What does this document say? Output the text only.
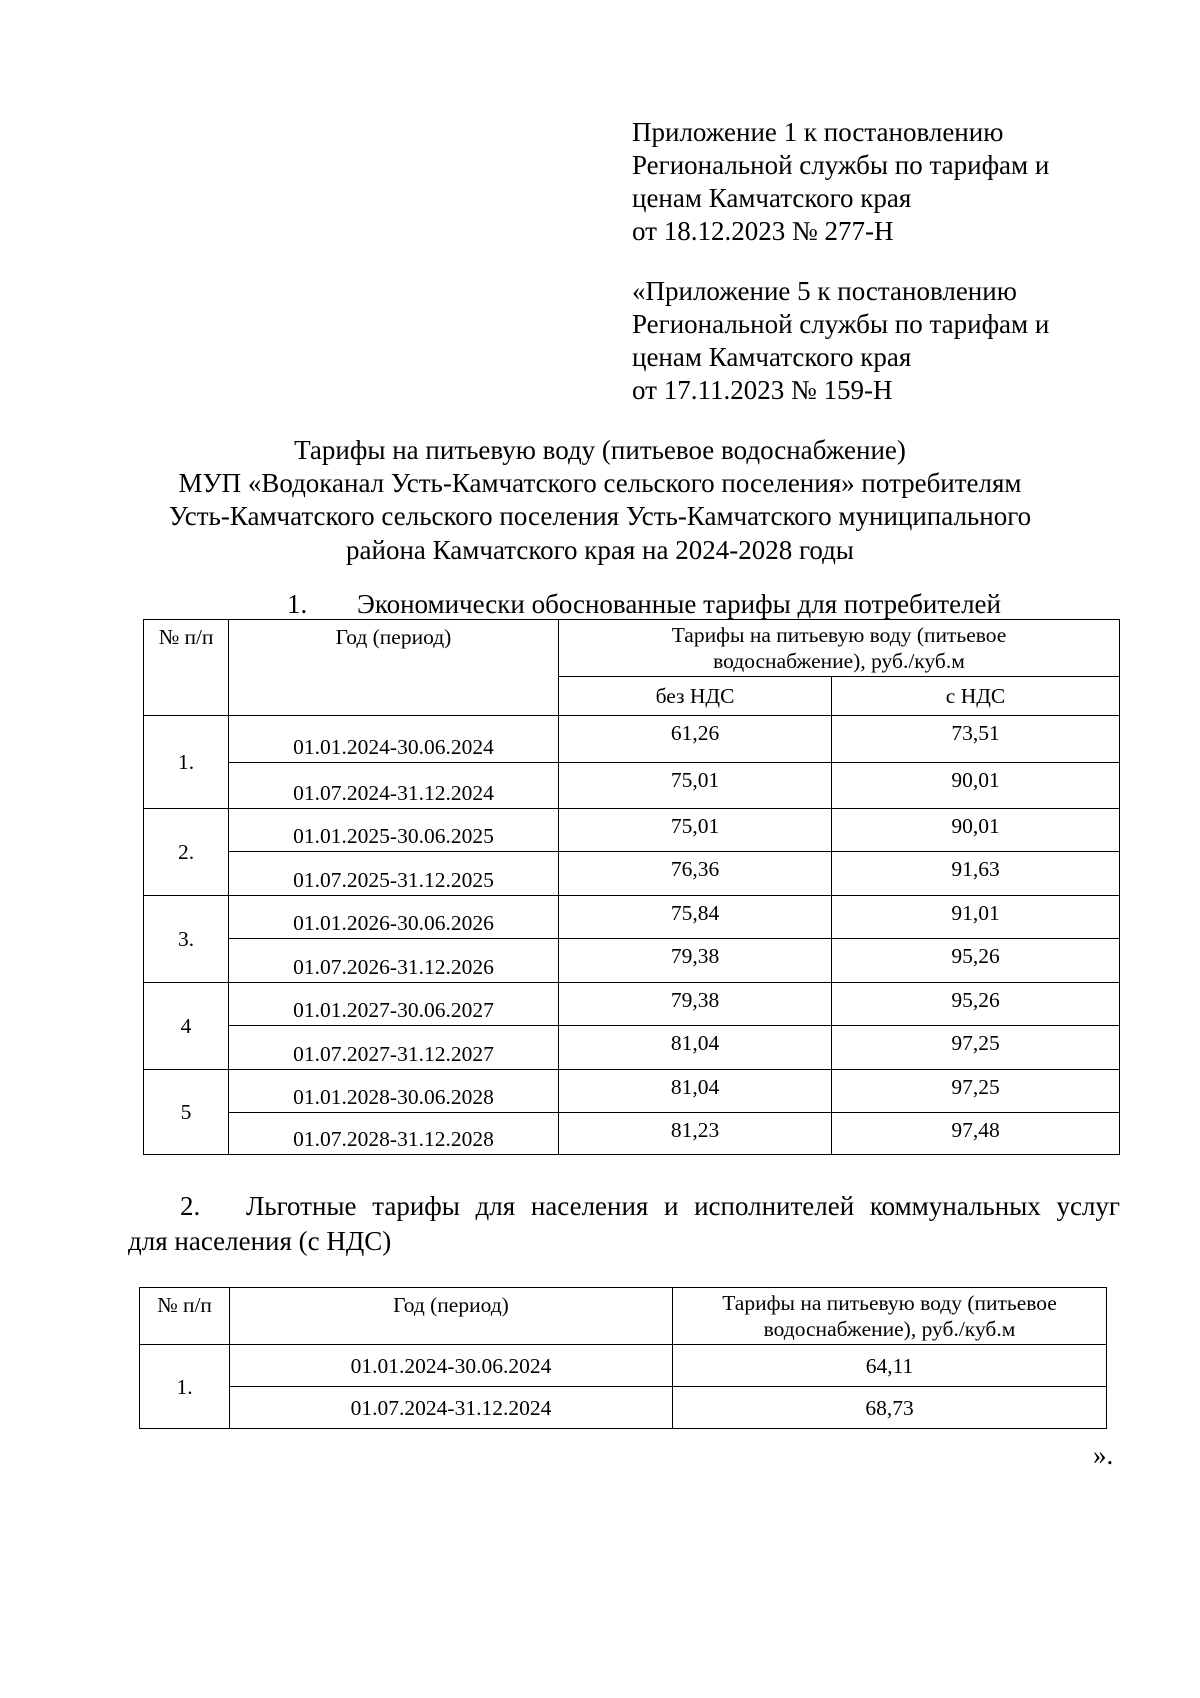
Приложение 1 к постановлению
Региональной службы по тарифам и
ценам Камчатского края
от 18.12.2023 № 277-Н
«Приложение 5 к постановлению
Региональной службы по тарифам и
ценам Камчатского края
от 17.11.2023 № 159-Н
Тарифы на питьевую воду (питьевое водоснабжение)
МУП «Водоканал Усть-Камчатского сельского поселения» потребителям
Усть-Камчатского сельского поселения Усть-Камчатского муниципального
района Камчатского края на 2024-2028 годы
1. Экономически обоснованные тарифы для потребителей
№ п/п	Год (период)	Тарифы на питьевую воду (питьевое водоснабжение), руб./куб.м	
		без НДС	с НДС
1.	01.01.2024-30.06.2024	61,26	73,51
	01.07.2024-31.12.2024	75,01	90,01
2.	01.01.2025-30.06.2025	75,01	90,01
	01.07.2025-31.12.2025	76,36	91,63
3.	01.01.2026-30.06.2026	75,84	91,01
	01.07.2026-31.12.2026	79,38	95,26
4	01.01.2027-30.06.2027	79,38	95,26
	01.07.2027-31.12.2027	81,04	97,25
5	01.01.2028-30.06.2028	81,04	97,25
	01.07.2028-31.12.2028	81,23	97,48
2. Льготные тарифы для населения и исполнителей коммунальных услуг
для населения (с НДС)
№ п/п	Год (период)	Тарифы на питьевую воду (питьевое водоснабжение), руб./куб.м
1.	01.01.2024-30.06.2024	64,11
	01.07.2024-31.12.2024	68,73
».
